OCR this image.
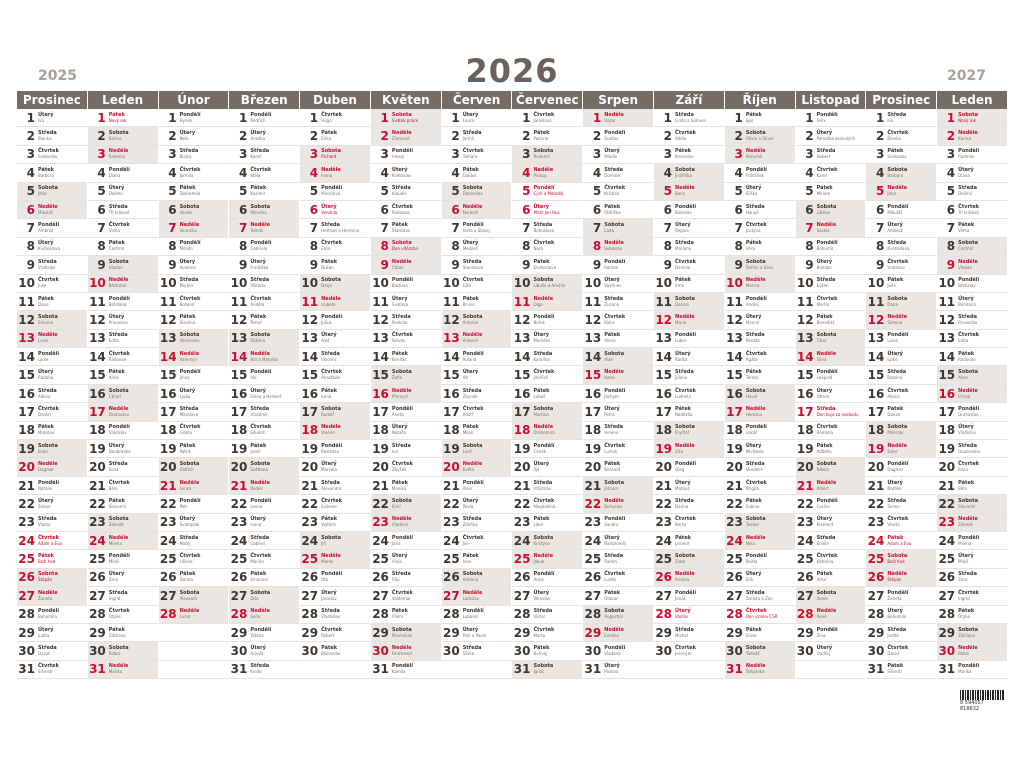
2025	2026	2027
Prosinec
1 Úterý
Iva
2 Středa
Blanka
3 Čtvrtek
Svatoslav
4 Pátek
Barbora
5 Sobota
Jitka
6 Neděle
Mikuláš
7 Pondělí
Ambrož
8 Úterý
Květoslava
9 Středa
Vratislav
10 Čtvrtek
Julie
11 Pátek
Dana
12 Sobota
Simona
13 Neděle
Lucie
14 Pondělí
Lýdie
15 Úterý
Radana
16 Středa
Albína
17 Čtvrtek
Daniel
18 Pátek
Miloslav
19 Sobota
Ester
20 Neděle
Dagmar
21 Pondělí
Natálie
22 Úterý
Šimon
23 Středa
Vlasta
24 Čtvrtek
Adam a Eva
25 Pátek
Boží hod
26 Sobota
Štěpán
27 Neděle
Žaneta
28 Pondělí
Bohumila
29 Úterý
Judita
30 Středa
David
31 Čtvrtek
Silvestr
Leden
1 Pátek
Nový rok
2 Sobota
Karina
3 Neděle
Radmila
4 Pondělí
Diana
5 Úterý
Dalimil
6 Středa
Tři králové
7 Čtvrtek
Vilma
8 Pátek
Čestmír
9 Sobota
Vladan
10 Neděle
Břetislav
11 Pondělí
Bohdana
12 Úterý
Pravoslav
13 Středa
Edita
14 Čtvrtek
Radovan
15 Pátek
Alice
16 Sobota
Ctirad
17 Neděle
Drahoslav
18 Pondělí
Vladislav
19 Úterý
Doubravka
20 Středa
Ilona
21 Čtvrtek
Běla
22 Pátek
Slavomír
23 Sobota
Zdeněk
24 Neděle
Milena
25 Pondělí
Miloš
26 Úterý
Zora
27 Středa
Ingrid
28 Čtvrtek
Otýlie
29 Pátek
Zdislava
30 Sobota
Robin
31 Neděle
Marika
Únor
1 Pondělí
Hynek
2 Úterý
Nela
3 Středa
Blažej
4 Čtvrtek
Jarmila
5 Pátek
Dobromila
6 Sobota
Vanda
7 Neděle
Veronika
8 Pondělí
Milada
9 Úterý
Apolena
10 Středa
Mojmír
11 Čtvrtek
Božena
12 Pátek
Slavěna
13 Sobota
Věnceslav
14 Neděle
Valentýn
15 Pondělí
Jiřina
16 Úterý
Ljuba
17 Středa
Miloslava
18 Čtvrtek
Gizela
19 Pátek
Patrik
20 Sobota
Oldřich
21 Neděle
Lenka
22 Pondělí
Petr
23 Úterý
Svatopluk
24 Středa
Matěj
25 Čtvrtek
Liliana
26 Pátek
Dorota
27 Sobota
Alexandr
28 Neděle
Lumír
Březen
1 Pondělí
Bedřich
2 Úterý
Anežka
3 Středa
Kamil
4 Čtvrtek
Stela
5 Pátek
Kazimír
6 Sobota
Miroslav
7 Neděle
Tomáš
8 Pondělí
Gabriela
9 Úterý
Františka
10 Středa
Viktorie
11 Čtvrtek
Anděla
12 Pátek
Řehoř
13 Sobota
Růžena
14 Neděle
Rút a Matylda
15 Pondělí
Ida
16 Úterý
Elena a Herbert
17 Středa
Vlastimil
18 Čtvrtek
Eduard
19 Pátek
Josef
20 Sobota
Světlana
21 Neděle
Radek
22 Pondělí
Leona
23 Úterý
Ivona
24 Středa
Gabriel
25 Čtvrtek
Marián
26 Pátek
Emanuel
27 Sobota
Dita
28 Neděle
Soňa
29 Pondělí
Taťána
30 Úterý
Arnošt
31 Středa
Kvido
Duben
1 Čtvrtek
Hugo
2 Pátek
Erika
3 Sobota
Richard
4 Neděle
Ivana
5 Pondělí
Miroslava
6 Úterý
Vendula
7 Středa
Heřman a Hermína
8 Čtvrtek
Ema
9 Pátek
Dušan
10 Sobota
Darja
11 Neděle
Izabela
12 Pondělí
Julius
13 Úterý
Aleš
14 Středa
Vincenc
15 Čtvrtek
Anastázie
16 Pátek
Irena
17 Sobota
Rudolf
18 Neděle
Valérie
19 Pondělí
Rostislav
20 Úterý
Marcela
21 Středa
Alexandra
22 Čtvrtek
Evženie
23 Pátek
Vojtěch
24 Sobota
Jiří
25 Neděle
Marek
26 Pondělí
Oto
27 Úterý
Jaroslav
28 Středa
Vlastislav
29 Čtvrtek
Robert
30 Pátek
Blahoslav
Květen
1 Sobota
Svátek práce
2 Neděle
Zikmund
3 Pondělí
Alexej
4 Úterý
Květoslav
5 Středa
Klaudie
6 Čtvrtek
Radoslav
7 Pátek
Stanislav
8 Sobota
Den vítězství
9 Neděle
Ctibor
10 Pondělí
Blažena
11 Úterý
Svatava
12 Středa
Pankrác
13 Čtvrtek
Servác
14 Pátek
Bonifác
15 Sobota
Žofie
16 Neděle
Přemysl
17 Pondělí
Aneta
18 Úterý
Nataša
19 Středa
Ivo
20 Čtvrtek
Zbyšek
21 Pátek
Monika
22 Sobota
Emil
23 Neděle
Vladimír
24 Pondělí
Jana
25 Úterý
Viola
26 Středa
Filip
27 Čtvrtek
Valdemar
28 Pátek
Vilém
29 Sobota
Maxmilián
30 Neděle
Ferdinand
31 Pondělí
Kamila
Červen
1 Úterý
Laura
2 Středa
Jarmil
3 Čtvrtek
Tamara
4 Pátek
Dalibor
5 Sobota
Dobroslav
6 Neděle
Norbert
7 Pondělí
Iveta a Slavoj
8 Úterý
Medard
9 Středa
Stanislava
10 Čtvrtek
Gita
11 Pátek
Bruno
12 Sobota
Antonie
13 Neděle
Antonín
14 Pondělí
Roland
15 Úterý
Vít
16 Středa
Zbyněk
17 Čtvrtek
Adolf
18 Pátek
Milan
19 Sobota
Leoš
20 Neděle
Květa
21 Pondělí
Alois
22 Úterý
Pavla
23 Středa
Zdeňka
24 Čtvrtek
Jan
25 Pátek
Ivan
26 Sobota
Adriana
27 Neděle
Ladislav
28 Pondělí
Lubomír
29 Úterý
Petr a Pavel
30 Středa
Šárka
Červenec
1 Čtvrtek
Jaroslava
2 Pátek
Patricie
3 Sobota
Radomír
4 Neděle
Prokop
5 Pondělí
Cyril a Metoděj
6 Úterý
Mistr Jan Hus
7 Středa
Bohuslava
8 Čtvrtek
Nora
9 Pátek
Drahoslava
10 Sobota
Libuše a Amálie
11 Neděle
Olga
12 Pondělí
Bořek
13 Úterý
Markéta
14 Středa
Karolína
15 Čtvrtek
Jindřich
16 Pátek
Luboš
17 Sobota
Martina
18 Neděle
Drahomíra
19 Pondělí
Čeněk
20 Úterý
Ilja
21 Středa
Vítězslav
22 Čtvrtek
Magdaléna
23 Pátek
Libor
24 Sobota
Kristýna
25 Neděle
Jakub
26 Pondělí
Anna
27 Úterý
Věroslav
28 Středa
Viktor
29 Čtvrtek
Marta
30 Pátek
Bořivoj
31 Sobota
Ignác
Srpen
1 Neděle
Oskar
2 Pondělí
Gustav
3 Úterý
Miluše
4 Středa
Dominik
5 Čtvrtek
Kristián
6 Pátek
Oldřiška
7 Sobota
Lada
8 Neděle
Soběslav
9 Pondělí
Roman
10 Úterý
Vavřinec
11 Středa
Zuzana
12 Čtvrtek
Klára
13 Pátek
Alena
14 Sobota
Alan
15 Neděle
Hana
16 Pondělí
Jáchym
17 Úterý
Petra
18 Středa
Helena
19 Čtvrtek
Ludvík
20 Pátek
Bernard
21 Sobota
Johana
22 Neděle
Bohuslav
23 Pondělí
Sandra
24 Úterý
Bartoloměj
25 Středa
Radim
26 Čtvrtek
Luděk
27 Pátek
Otakar
28 Sobota
Augustýn
29 Neděle
Evelína
30 Pondělí
Vladěna
31 Úterý
Pavlína
Září
1 Středa
Linda a Samuel
2 Čtvrtek
Adéla
3 Pátek
Bronislav
4 Sobota
Jindřiška
5 Neděle
Boris
6 Pondělí
Boleslav
7 Úterý
Regína
8 Středa
Mariana
9 Čtvrtek
Daniela
10 Pátek
Irma
11 Sobota
Denisa
12 Neděle
Marie
13 Pondělí
Lubor
14 Úterý
Radka
15 Středa
Jolana
16 Čtvrtek
Ludmila
17 Pátek
Naděžda
18 Sobota
Kryštof
19 Neděle
Zita
20 Pondělí
Oleg
21 Úterý
Matouš
22 Středa
Darina
23 Čtvrtek
Berta
24 Pátek
Jaromír
25 Sobota
Zlata
26 Neděle
Andrea
27 Pondělí
Jonáš
28 Úterý
Václav
29 Středa
Michal
30 Čtvrtek
Jeroným
Říjen
1 Pátek
Igor
2 Sobota
Olivie a Oliver
3 Neděle
Bohumil
4 Pondělí
František
5 Úterý
Eliška
6 Středa
Hanuš
7 Čtvrtek
Justýna
8 Pátek
Věra
9 Sobota
Štefan a Sára
10 Neděle
Marina
11 Pondělí
Andrej
12 Úterý
Marcel
13 Středa
Renáta
14 Čtvrtek
Agáta
15 Pátek
Tereza
16 Sobota
Havel
17 Neděle
Hedvika
18 Pondělí
Lukáš
19 Úterý
Michaela
20 Středa
Vendelín
21 Čtvrtek
Brigita
22 Pátek
Sabina
23 Sobota
Teodor
24 Neděle
Nina
25 Pondělí
Beáta
26 Úterý
Erik
27 Středa
Šarlota a Zoe
28 Čtvrtek
Den vzniku ČSR
29 Pátek
Silvie
30 Sobota
Tadeáš
31 Neděle
Štěpánka
Listopad
1 Pondělí
Felix
2 Úterý
Památka zesnulých
3 Středa
Hubert
4 Čtvrtek
Karel
5 Pátek
Miriam
6 Sobota
Liběna
7 Neděle
Saskie
8 Pondělí
Bohumír
9 Úterý
Bohdan
10 Středa
Evžen
11 Čtvrtek
Martin
12 Pátek
Benedikt
13 Sobota
Tibor
14 Neděle
Sáva
15 Pondělí
Leopold
16 Úterý
Otmar
17 Středa
Den boje za svobodu
18 Čtvrtek
Romana
19 Pátek
Alžběta
20 Sobota
Nikola
21 Neděle
Albert
22 Pondělí
Cecílie
23 Úterý
Klement
24 Středa
Emílie
25 Čtvrtek
Kateřina
26 Pátek
Artur
27 Sobota
Xenie
28 Neděle
René
29 Pondělí
Zina
30 Úterý
Ondřej
Prosinec
1 Středa
Iva
2 Čtvrtek
Blanka
3 Pátek
Svatoslav
4 Sobota
Barbora
5 Neděle
Jitka
6 Pondělí
Mikuláš
7 Úterý
Ambrož
8 Středa
Květoslava
9 Čtvrtek
Vratislav
10 Pátek
Julie
11 Sobota
Dana
12 Neděle
Simona
13 Pondělí
Lucie
14 Úterý
Lýdie
15 Středa
Radana
16 Čtvrtek
Albína
17 Pátek
Daniel
18 Sobota
Miloslav
19 Neděle
Ester
20 Pondělí
Dagmar
21 Úterý
Natálie
22 Středa
Šimon
23 Čtvrtek
Vlasta
24 Pátek
Adam a Eva
25 Sobota
Boží hod
26 Neděle
Štěpán
27 Pondělí
Žaneta
28 Úterý
Bohumila
29 Středa
Judita
30 Čtvrtek
David
31 Pátek
Silvestr
Leden
1 Sobota
Nový rok
2 Neděle
Karina
3 Pondělí
Radmila
4 Úterý
Diana
5 Středa
Dalimil
6 Čtvrtek
Tři králové
7 Pátek
Vilma
8 Sobota
Čestmír
9 Neděle
Vladan
10 Pondělí
Břetislav
11 Úterý
Bohdana
12 Středa
Pravoslav
13 Čtvrtek
Edita
14 Pátek
Radovan
15 Sobota
Alice
16 Neděle
Ctirad
17 Pondělí
Drahoslav
18 Úterý
Vladislav
19 Středa
Doubravka
20 Čtvrtek
Ilona
21 Pátek
Běla
22 Sobota
Slavomír
23 Neděle
Zdeněk
24 Pondělí
Milena
25 Úterý
Miloš
26 Středa
Zora
27 Čtvrtek
Ingrid
28 Pátek
Otýlie
29 Sobota
Zdislava
30 Neděle
Robin
31 Pondělí
Marika
8 594057 818632
